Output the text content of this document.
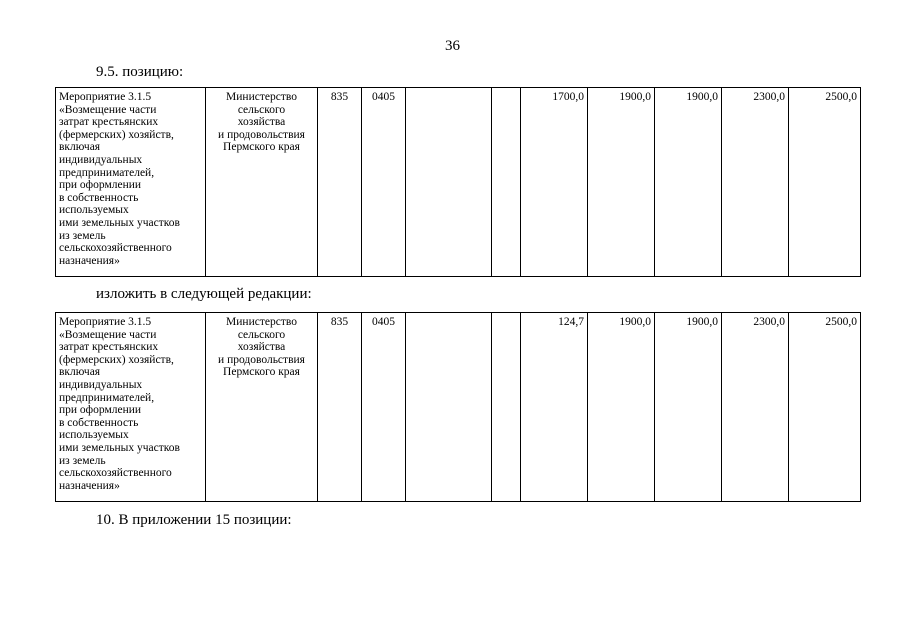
36
9.5. позицию:
Мероприятие 3.1.5
«Возмещение части
затрат крестьянских
(фермерских) хозяйств,
включая
индивидуальных
предпринимателей,
при оформлении
в собственность
используемых
ими земельных участков
из земель
сельскохозяйственного
назначения»	Министерство
сельского
хозяйства
и продовольствия
Пермского края	835	0405			1700,0	1900,0	1900,0	2300,0	2500,0
изложить в следующей редакции:
Мероприятие 3.1.5
«Возмещение части
затрат крестьянских
(фермерских) хозяйств,
включая
индивидуальных
предпринимателей,
при оформлении
в собственность
используемых
ими земельных участков
из земель
сельскохозяйственного
назначения»	Министерство
сельского
хозяйства
и продовольствия
Пермского края	835	0405			124,7	1900,0	1900,0	2300,0	2500,0
10. В приложении 15 позиции:
